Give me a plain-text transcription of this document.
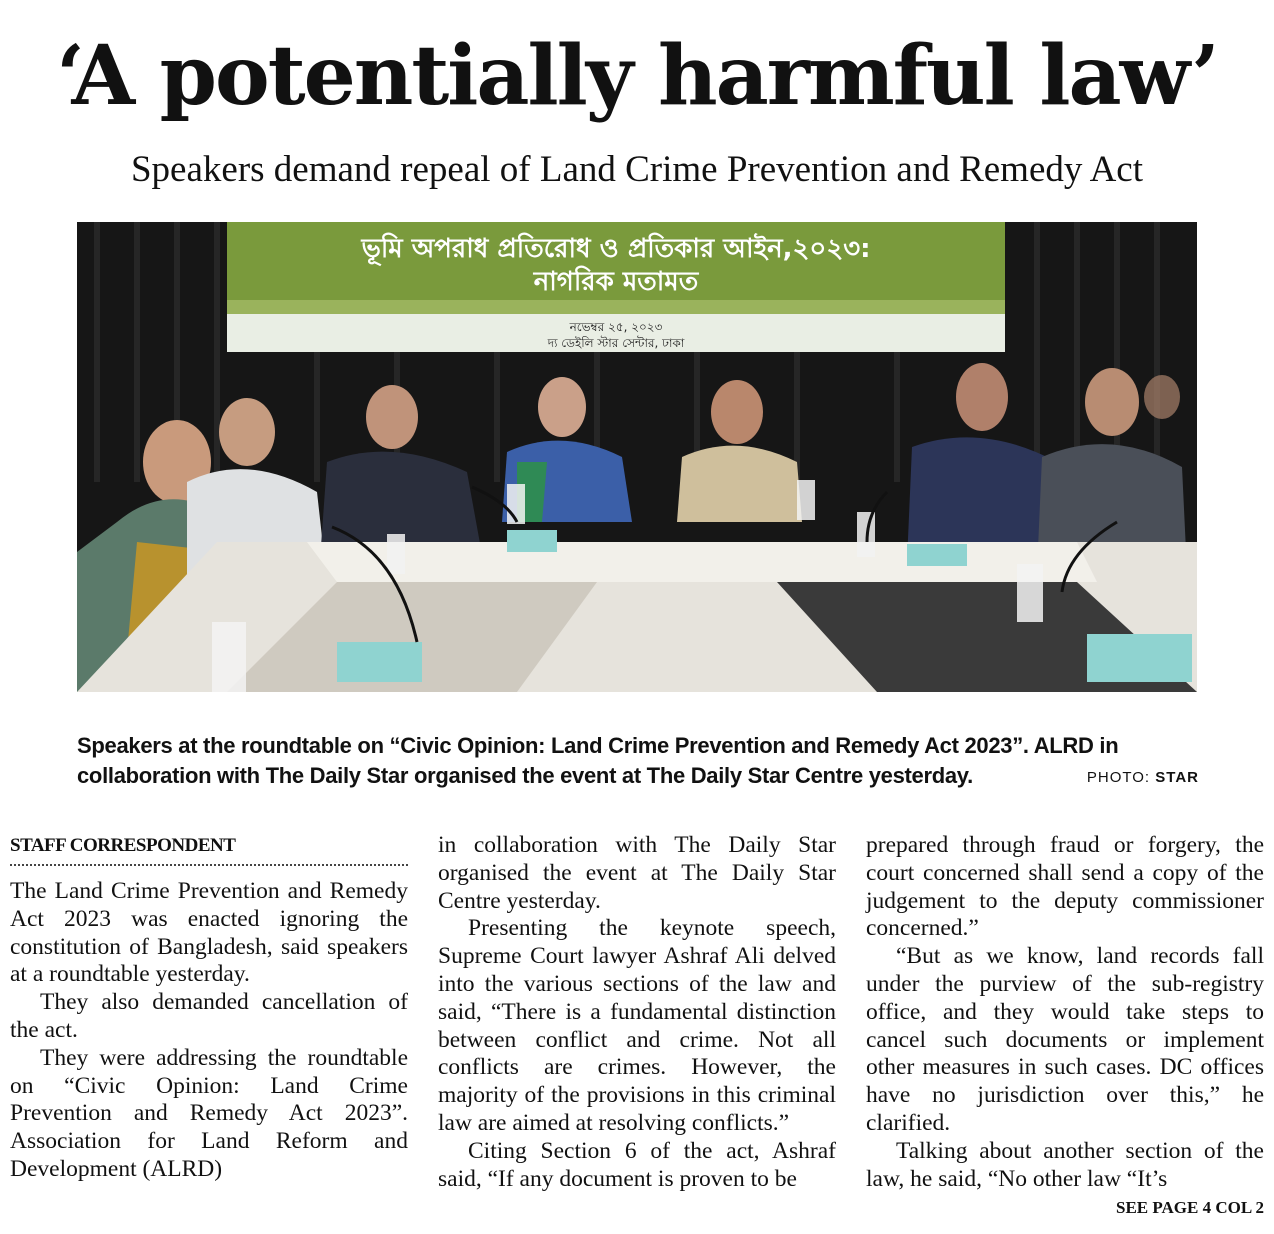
‘A potentially harmful law’
Speakers demand repeal of Land Crime Prevention and Remedy Act
ভূমি অপরাধ প্রতিরোধ ও প্রতিকার আইন,২০২৩:
নাগরিক মতামত
নভেম্বর ২৫, ২০২৩
দ্য ডেইলি স্টার সেন্টার, ঢাকা
Speakers at the roundtable on “Civic Opinion: Land Crime Prevention and Remedy Act 2023”. ALRD in collaboration with The Daily Star organised the event at The Daily Star Centre yesterday.	PHOTO: STAR
STAFF CORRESPONDENT

The Land Crime Prevention and Remedy Act 2023 was enacted ignoring the constitution of Bangladesh, said speakers at a roundtable yesterday.

They also demanded cancellation of the act.

They were addressing the roundtable on “Civic Opinion: Land Crime Prevention and Remedy Act 2023”. Association for Land Reform and Development (ALRD)

in collaboration with The Daily Star organised the event at The Daily Star Centre yesterday.

Presenting the keynote speech, Supreme Court lawyer Ashraf Ali delved into the various sections of the law and said, “There is a fundamental distinction between conflict and crime. Not all conflicts are crimes. However, the majority of the provisions in this criminal law are aimed at resolving conflicts.”

Citing Section 6 of the act, Ashraf said, “If any document is proven to be

prepared through fraud or forgery, the court concerned shall send a copy of the judgement to the deputy commissioner concerned.”

“But as we know, land records fall under the purview of the sub-registry office, and they would take steps to cancel such documents or implement other measures in such cases. DC offices have no jurisdiction over this,” he clarified.

Talking about another section of the law, he said, “No other law “It’s

SEE PAGE 4 COL 2
